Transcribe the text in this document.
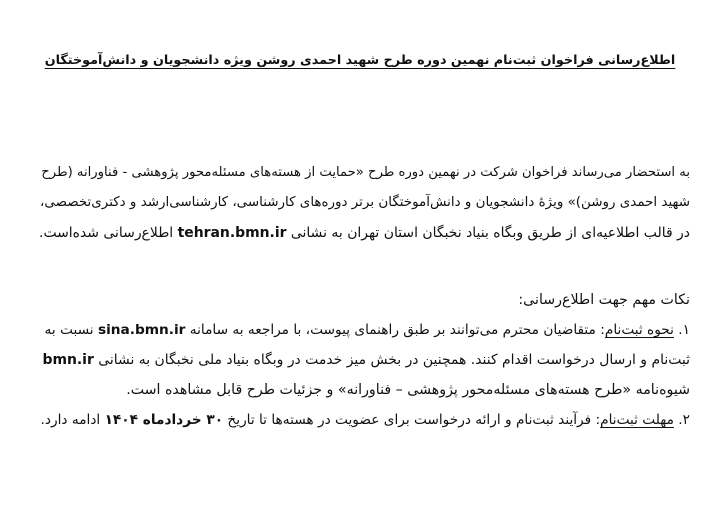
اطلاع‌رسانی فراخوان ثبت‌نام نهمین دوره طرح شهید احمدی روشن ویژه دانشجویان و دانش‌آموختگان
به استحضار می‌رساند فراخوان شرکت در نهمین دوره طرح «حمایت از هسته‌های مسئله‌محور پژوهشی - فناورانه (طرح
شهید احمدی روشن)» ویژۀ دانشجویان و دانش‌آموختگان برتر دوره‌های کارشناسی، کارشناسی‌ارشد و دکتری‌تخصصی،
در قالب اطلاعیه‌ای از طریق وبگاه بنیاد نخبگان استان تهران به نشانی tehran.bmn.ir اطلاع‌رسانی شده‌است.
نکات مهم جهت اطلاع‌رسانی:
۱. نحوه ثبت‌نام: متقاضیان محترم می‌توانند بر طبق راهنمای پیوست، با مراجعه به سامانه sina.bmn.ir نسبت به
ثبت‌نام و ارسال درخواست اقدام کنند. همچنین در بخش میز خدمت در وبگاه بنیاد ملی نخبگان به نشانی bmn.ir
شیوه‌نامه «طرح هسته‌های مسئله‌محور پژوهشی – فناورانه» و جزئیات طرح قابل مشاهده است.
۲. مهلت ثبت‌نام: فرآیند ثبت‌نام و ارائه درخواست برای عضویت در هسته‌ها تا تاریخ ۳۰ خرداد‌ماه ۱۴۰۴ ادامه دارد.
